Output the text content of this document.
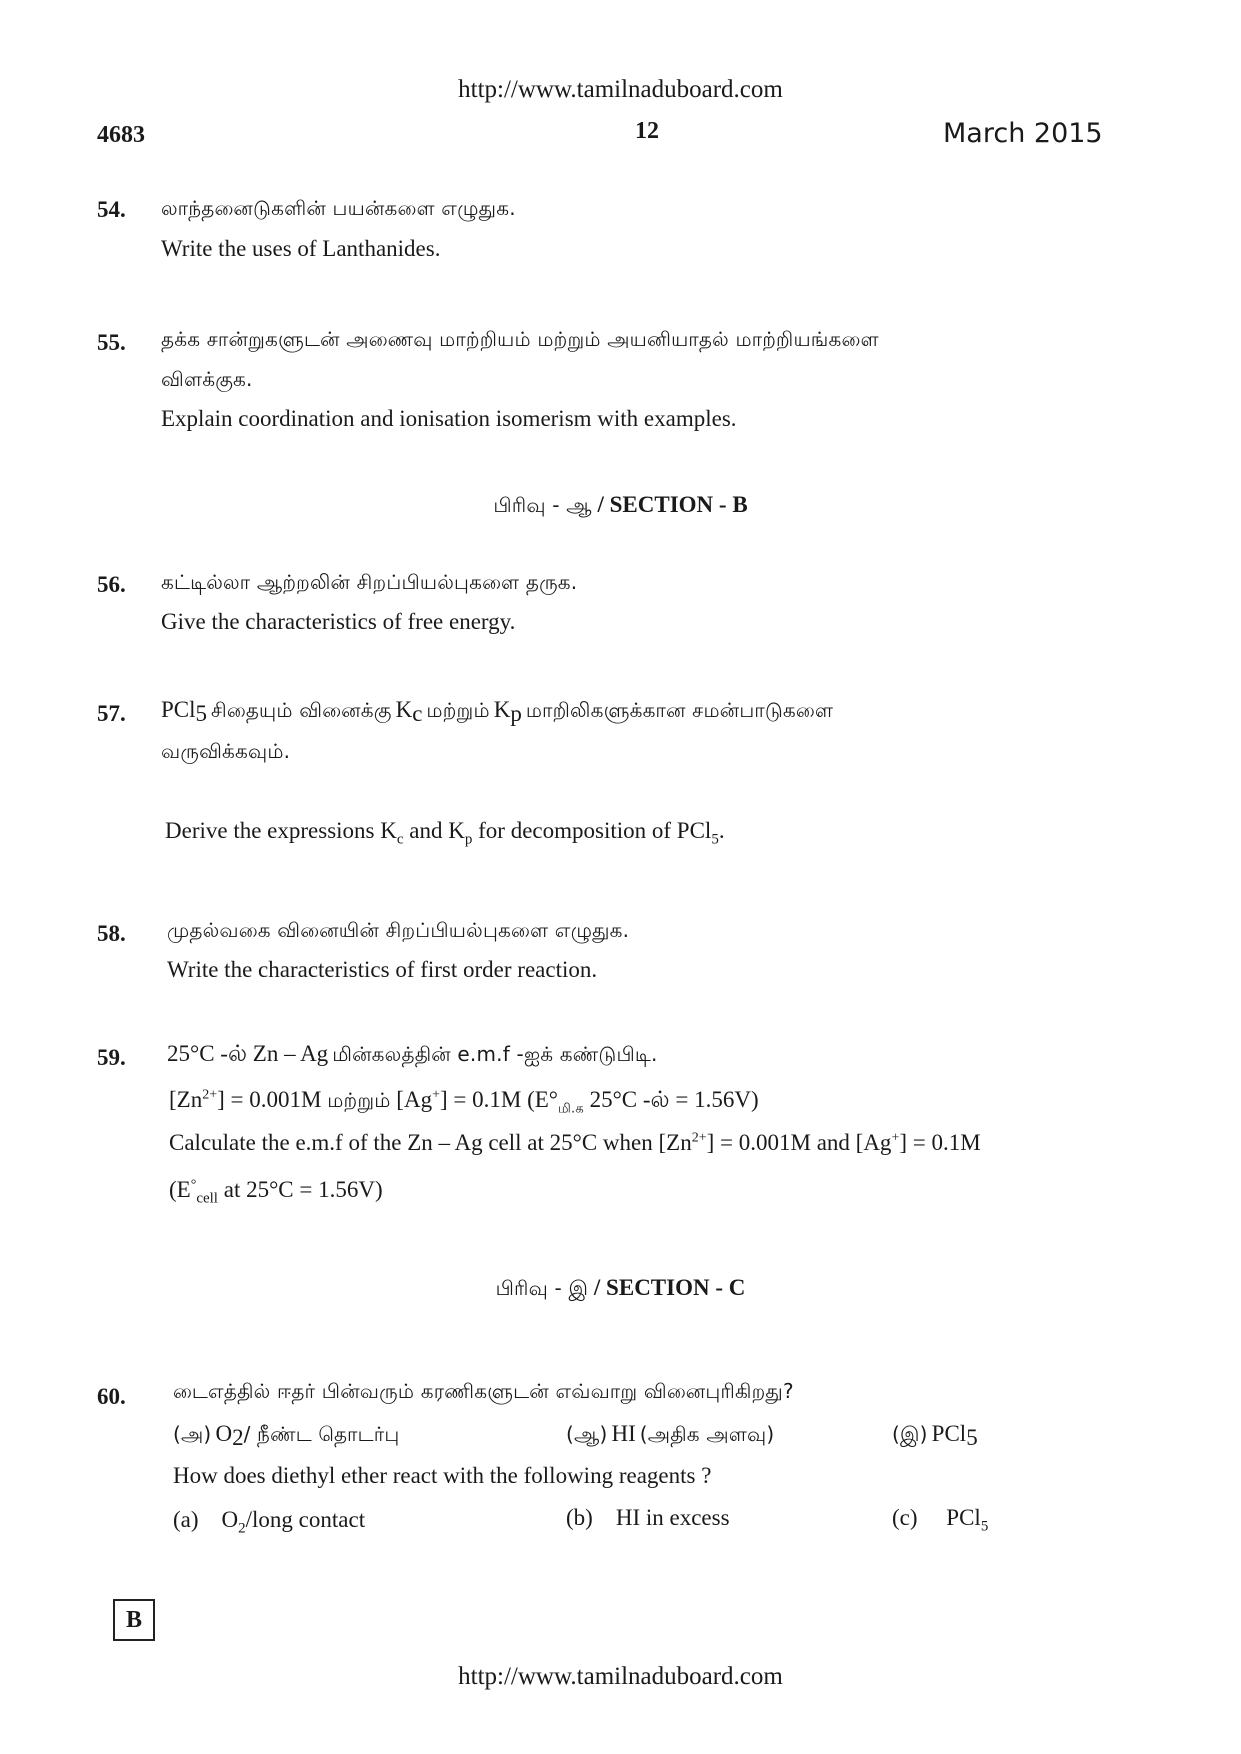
http://www.tamilnaduboard.com
4683	12	March 2015
54. லாந்தனைடுகளின் பயன்களை எழுதுக.
Write the uses of Lanthanides.
55. தக்க சான்றுகளுடன் அணைவு மாற்றியம் மற்றும் அயனியாதல் மாற்றியங்களை
விளக்குக.
Explain coordination and ionisation isomerism with examples.
பிரிவு - ஆ / SECTION - B
56. கட்டில்லா ஆற்றலின் சிறப்பியல்புகளை தருக.
Give the characteristics of free energy.
57. PCl$_5$ சிதையும் வினைக்கு $K_c$ மற்றும் $K_p$ மாறிலிகளுக்கான சமன்பாடுகளை
வருவிக்கவும்.
Derive the expressions $K_c$ and $K_p$ for decomposition of PCl$_5$.
58. முதல்வகை வினையின் சிறப்பியல்புகளை எழுதுக.
Write the characteristics of first order reaction.
59. 25°C -ல் Zn – Ag மின்கலத்தின் e.m.f -ஐக் கண்டுபிடி.
$[Zn^{2+}] = 0.001M$ மற்றும் [Ag+] = 0.1M ($E^\circ_{மி.க}$ 25°C -ல் = 1.56V)
Calculate the e.m.f of the Zn – Ag cell at 25°C when $[Zn^{2+}] = 0.001M$ and [Ag+] = 0.1M
($E^\circ_{cell}$ at 25°C = 1.56V)
பிரிவு - இ / SECTION - C
60. டைஎத்தில் ஈதர் பின்வரும் கரணிகளுடன் எவ்வாறு வினைபுரிகிறது?
(அ) $O_2/$ நீண்ட தொடர்பு	(ஆ) HI (அதிக அளவு)	(இ) PCl$_5$
How does diethyl ether react with the following reagents ?
(a) $O_2$/long contact	(b) HI in excess	(c) PCl$_5$
B
http://www.tamilnaduboard.com
